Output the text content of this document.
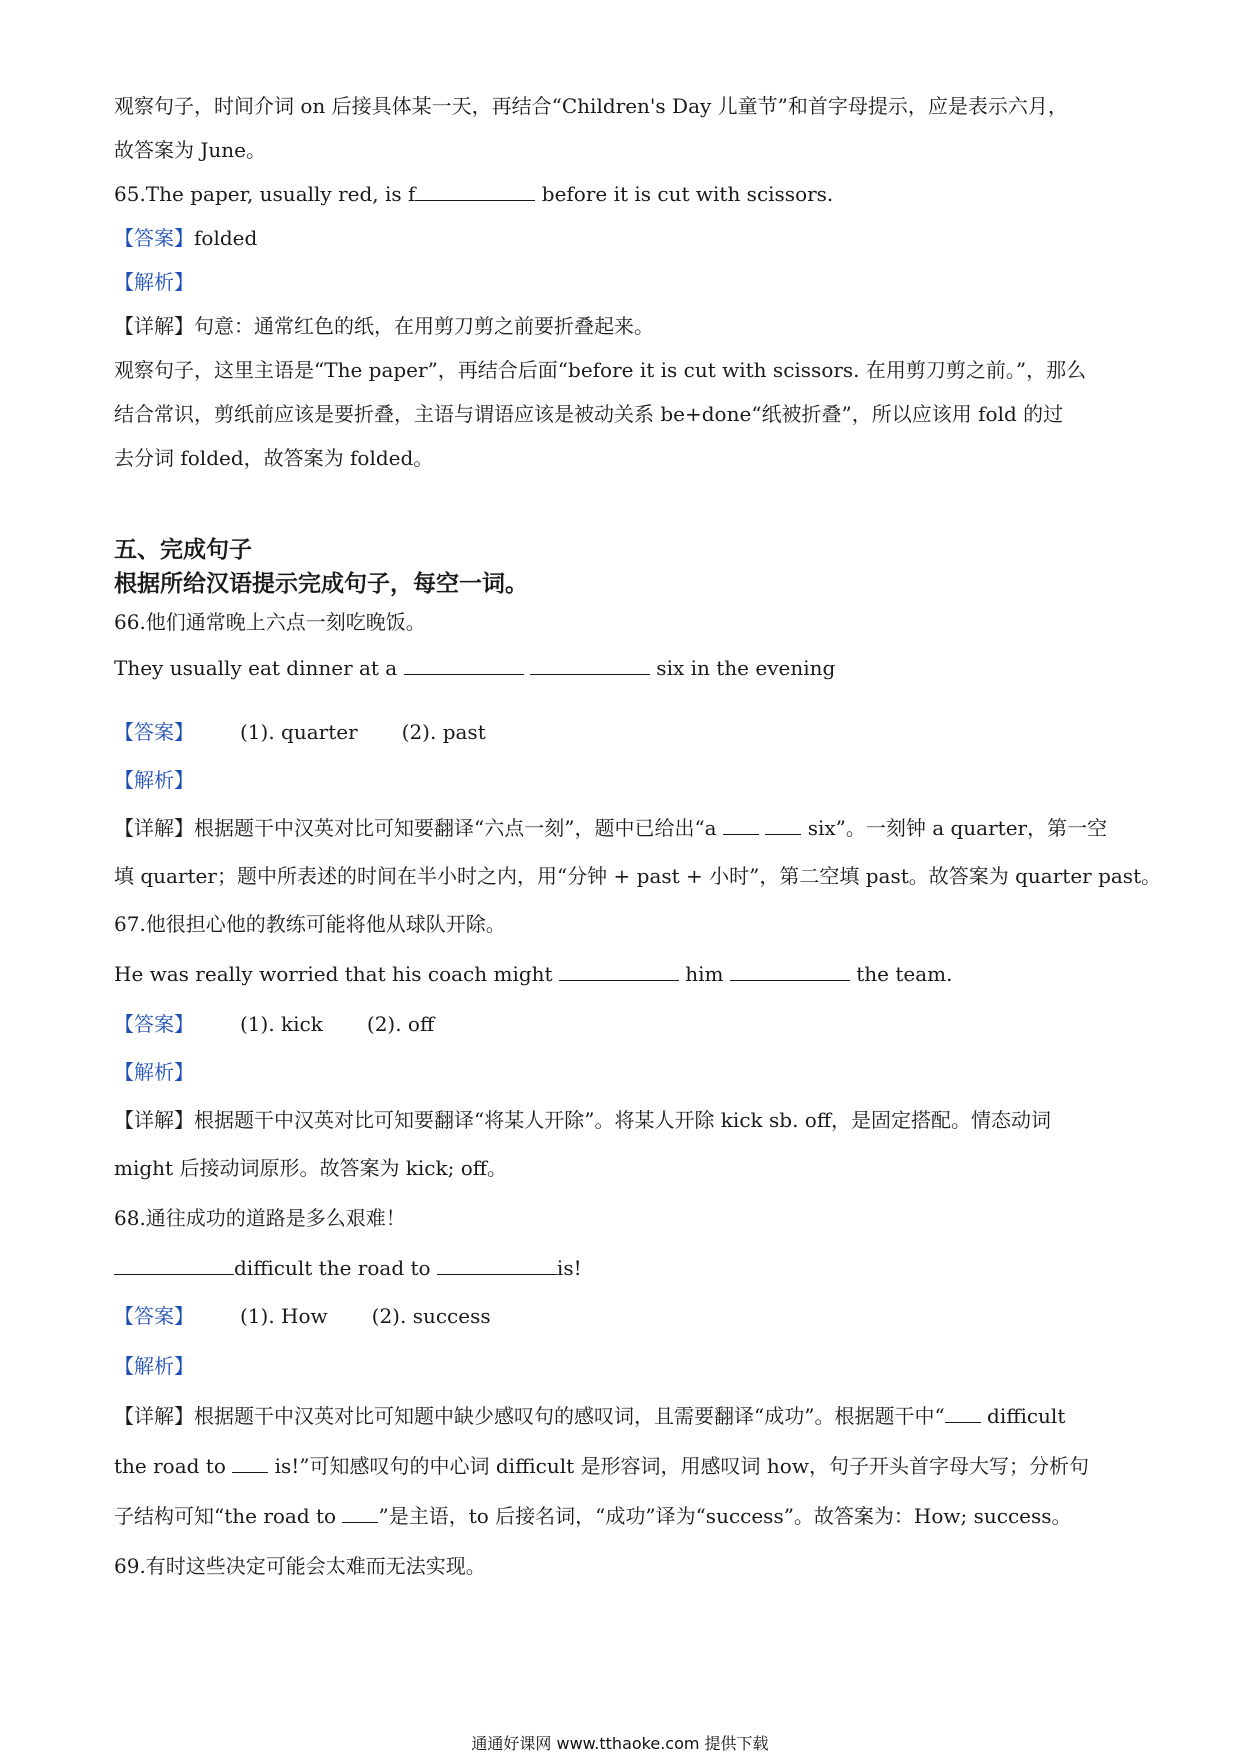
观察句子，时间介词 on 后接具体某一天，再结合“Children's Day 儿童节”和首字母提示，应是表示六月，
故答案为 June。
65.The paper, usually red, is f	before it is cut with scissors.
【答案】folded
【解析】
【详解】句意：通常红色的纸，在用剪刀剪之前要折叠起来。
观察句子，这里主语是“The paper”，再结合后面“before it is cut with scissors. 在用剪刀剪之前。”，那么
结合常识，剪纸前应该是要折叠，主语与谓语应该是被动关系 be+done“纸被折叠”，所以应该用 fold 的过
去分词 folded，故答案为 folded。
五、完成句子
根据所给汉语提示完成句子，每空一词。
66.他们通常晚上六点一刻吃晚饭。
They usually eat dinner at a	six in the evening
【答案】 (1). quarter (2). past
【解析】
【详解】根据题干中汉英对比可知要翻译“六点一刻”，题中已给出“a	six”。一刻钟 a quarter，第一空
填 quarter；题中所表述的时间在半小时之内，用“分钟 + past + 小时”，第二空填 past。故答案为 quarter past。
67.他很担心他的教练可能将他从球队开除。
He was really worried that his coach might	him	the team.
【答案】 (1). kick (2). off
【解析】
【详解】根据题干中汉英对比可知要翻译“将某人开除”。将某人开除 kick sb. off，是固定搭配。情态动词
might 后接动词原形。故答案为 kick; off。
68.通往成功的道路是多么艰难！
difficult the road to	is!
【答案】 (1). How (2). success
【解析】
【详解】根据题干中汉英对比可知题中缺少感叹句的感叹词，且需要翻译“成功”。根据题干中“ difficult
the road to  is!”可知感叹句的中心词 difficult 是形容词，用感叹词 how，句子开头首字母大写；分析句
子结构可知“the road to ”是主语，to 后接名词，“成功”译为“success”。故答案为：How; success。
69.有时这些决定可能会太难而无法实现。
通通好课网 www.tthaoke.com 提供下载
